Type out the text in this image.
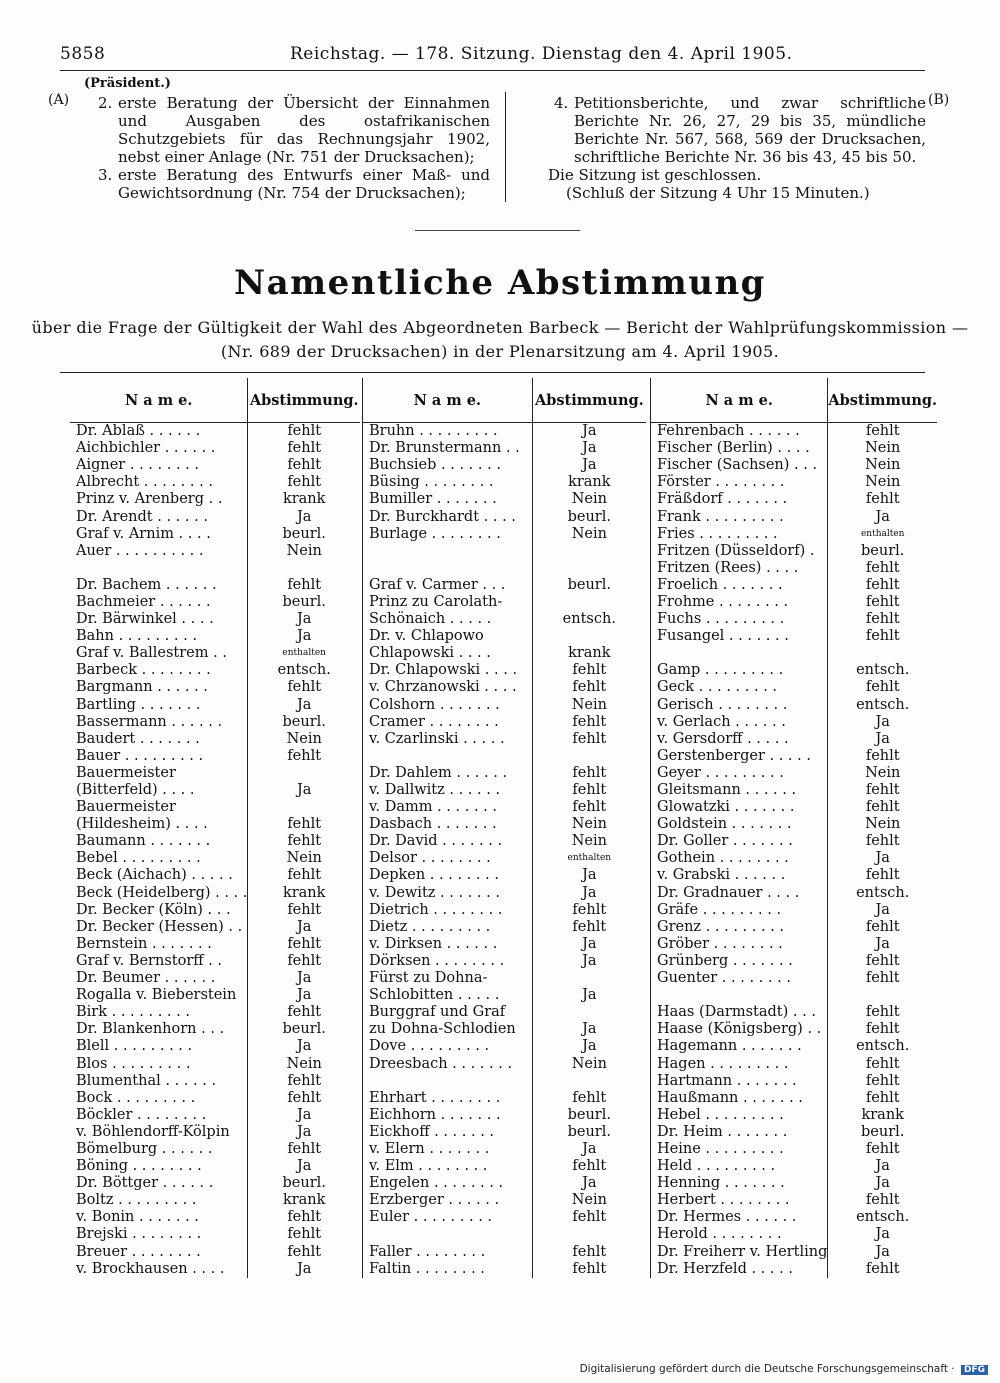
5858	Reichstag. — 178. Sitzung. Dienstag den 4. April 1905.
(Präsident.)
(A)	(B)
2. erste Beratung der Übersicht der Einnahmen und Ausgaben des ostafrikanischen Schutzgebiets für das Rechnungsjahr 1902, nebst einer Anlage (Nr. 751 der Drucksachen);
3. erste Beratung des Entwurfs einer Maß- und Gewichtsordnung (Nr. 754 der Drucksachen);
4. Petitionsberichte, und zwar schriftliche Berichte Nr. 26, 27, 29 bis 35, mündliche Berichte Nr. 567, 568, 569 der Drucksachen, schriftliche Berichte Nr. 36 bis 43, 45 bis 50.
Die Sitzung ist geschlossen.
(Schluß der Sitzung 4 Uhr 15 Minuten.)
Namentliche Abstimmung
über die Frage der Gültigkeit der Wahl des Abgeordneten Barbeck — Bericht der Wahlprüfungskommission —
(Nr. 689 der Drucksachen) in der Plenarsitzung am 4. April 1905.
N a m e.	Abstimmung.
Dr. Ablaß . . . . . .	fehlt
Aichbichler . . . . . .	fehlt
Aigner . . . . . . . .	fehlt
Albrecht . . . . . . . .	fehlt
Prinz v. Arenberg . .	krank
Dr. Arendt . . . . . .	Ja
Graf v. Arnim . . . .	beurl.
Auer . . . . . . . . . .	Nein

Dr. Bachem . . . . . .	fehlt
Bachmeier . . . . . .	beurl.
Dr. Bärwinkel . . . .	Ja
Bahn . . . . . . . . .	Ja
Graf v. Ballestrem . .	enthalten
Barbeck . . . . . . . .	entsch.
Bargmann . . . . . .	fehlt
Bartling . . . . . . .	Ja
Bassermann . . . . . .	beurl.
Baudert . . . . . . .	Nein
Bauer . . . . . . . . .	fehlt
Bauermeister	
(Bitterfeld) . . . .	Ja
Bauermeister	
(Hildesheim) . . . .	fehlt
Baumann . . . . . . .	fehlt
Bebel . . . . . . . . .	Nein
Beck (Aichach) . . . . .	fehlt
Beck (Heidelberg) . . . .	krank
Dr. Becker (Köln) . . .	fehlt
Dr. Becker (Hessen) . .	Ja
Bernstein . . . . . . .	fehlt
Graf v. Bernstorff . .	fehlt
Dr. Beumer . . . . . .	Ja
Rogalla v. Bieberstein	Ja
Birk . . . . . . . . .	fehlt
Dr. Blankenhorn . . .	beurl.
Blell . . . . . . . . .	Ja
Blos . . . . . . . . .	Nein
Blumenthal . . . . . .	fehlt
Bock . . . . . . . . .	fehlt
Böckler . . . . . . . .	Ja
v. Böhlendorff-Kölpin	Ja
Bömelburg . . . . . .	fehlt
Böning . . . . . . . .	Ja
Dr. Böttger . . . . . .	beurl.
Boltz . . . . . . . . .	krank
v. Bonin . . . . . . .	fehlt
Brejski . . . . . . . .	fehlt
Breuer . . . . . . . .	fehlt
v. Brockhausen . . . .	Ja

N a m e.	Abstimmung.
Bruhn . . . . . . . . .	Ja
Dr. Brunstermann . .	Ja
Buchsieb . . . . . . .	Ja
Büsing . . . . . . . .	krank
Bumiller . . . . . . .	Nein
Dr. Burckhardt . . . .	beurl.
Burlage . . . . . . . .	Nein

Graf v. Carmer . . .	beurl.
Prinz zu Carolath-	
Schönaich . . . . .	entsch.
Dr. v. Chlapowo	
Chlapowski . . . .	krank
Dr. Chlapowski . . . .	fehlt
v. Chrzanowski . . . .	fehlt
Colshorn . . . . . . .	Nein
Cramer . . . . . . . .	fehlt
v. Czarlinski . . . . .	fehlt

Dr. Dahlem . . . . . .	fehlt
v. Dallwitz . . . . . .	fehlt
v. Damm . . . . . . .	fehlt
Dasbach . . . . . . .	Nein
Dr. David . . . . . . .	Nein
Delsor . . . . . . . .	enthalten
Depken . . . . . . . .	Ja
v. Dewitz . . . . . . .	Ja
Dietrich . . . . . . . .	fehlt
Dietz . . . . . . . . .	fehlt
v. Dirksen . . . . . .	Ja
Dörksen . . . . . . . .	Ja
Fürst zu Dohna-	
Schlobitten . . . . .	Ja
Burggraf und Graf	
zu Dohna-Schlodien	Ja
Dove . . . . . . . . .	Ja
Dreesbach . . . . . . .	Nein

Ehrhart . . . . . . . .	fehlt
Eichhorn . . . . . . .	beurl.
Eickhoff . . . . . . .	beurl.
v. Elern . . . . . . .	Ja
v. Elm . . . . . . . .	fehlt
Engelen . . . . . . . .	Ja
Erzberger . . . . . .	Nein
Euler . . . . . . . . .	fehlt

Faller . . . . . . . .	fehlt
Faltin . . . . . . . .	fehlt

N a m e.	Abstimmung.
Fehrenbach . . . . . .	fehlt
Fischer (Berlin) . . . .	Nein
Fischer (Sachsen) . . .	Nein
Förster . . . . . . . .	Nein
Fräßdorf . . . . . . .	fehlt
Frank . . . . . . . . .	Ja
Fries . . . . . . . . .	enthalten
Fritzen (Düsseldorf) .	beurl.
Fritzen (Rees) . . . .	fehlt
Froelich . . . . . . .	fehlt
Frohme . . . . . . . .	fehlt
Fuchs . . . . . . . . .	fehlt
Fusangel . . . . . . .	fehlt

Gamp . . . . . . . . .	entsch.
Geck . . . . . . . . .	fehlt
Gerisch . . . . . . . .	entsch.
v. Gerlach . . . . . .	Ja
v. Gersdorff . . . . .	Ja
Gerstenberger . . . . .	fehlt
Geyer . . . . . . . . .	Nein
Gleitsmann . . . . . .	fehlt
Glowatzki . . . . . . .	fehlt
Goldstein . . . . . . .	Nein
Dr. Goller . . . . . . .	fehlt
Gothein . . . . . . . .	Ja
v. Grabski . . . . . .	fehlt
Dr. Gradnauer . . . .	entsch.
Gräfe . . . . . . . . .	Ja
Grenz . . . . . . . . .	fehlt
Gröber . . . . . . . .	Ja
Grünberg . . . . . . .	fehlt
Guenter . . . . . . . .	fehlt

Haas (Darmstadt) . . .	fehlt
Haase (Königsberg) . .	fehlt
Hagemann . . . . . . .	entsch.
Hagen . . . . . . . . .	fehlt
Hartmann . . . . . . .	fehlt
Haußmann . . . . . . .	fehlt
Hebel . . . . . . . . .	krank
Dr. Heim . . . . . . .	beurl.
Heine . . . . . . . . .	fehlt
Held . . . . . . . . .	Ja
Henning . . . . . . .	Ja
Herbert . . . . . . . .	fehlt
Dr. Hermes . . . . . .	entsch.
Herold . . . . . . . .	Ja
Dr. Freiherr v. Hertling	Ja
Dr. Herzfeld . . . . .	fehlt

Digitalisierung gefördert durch die Deutsche Forschungsgemeinschaft · DFG
